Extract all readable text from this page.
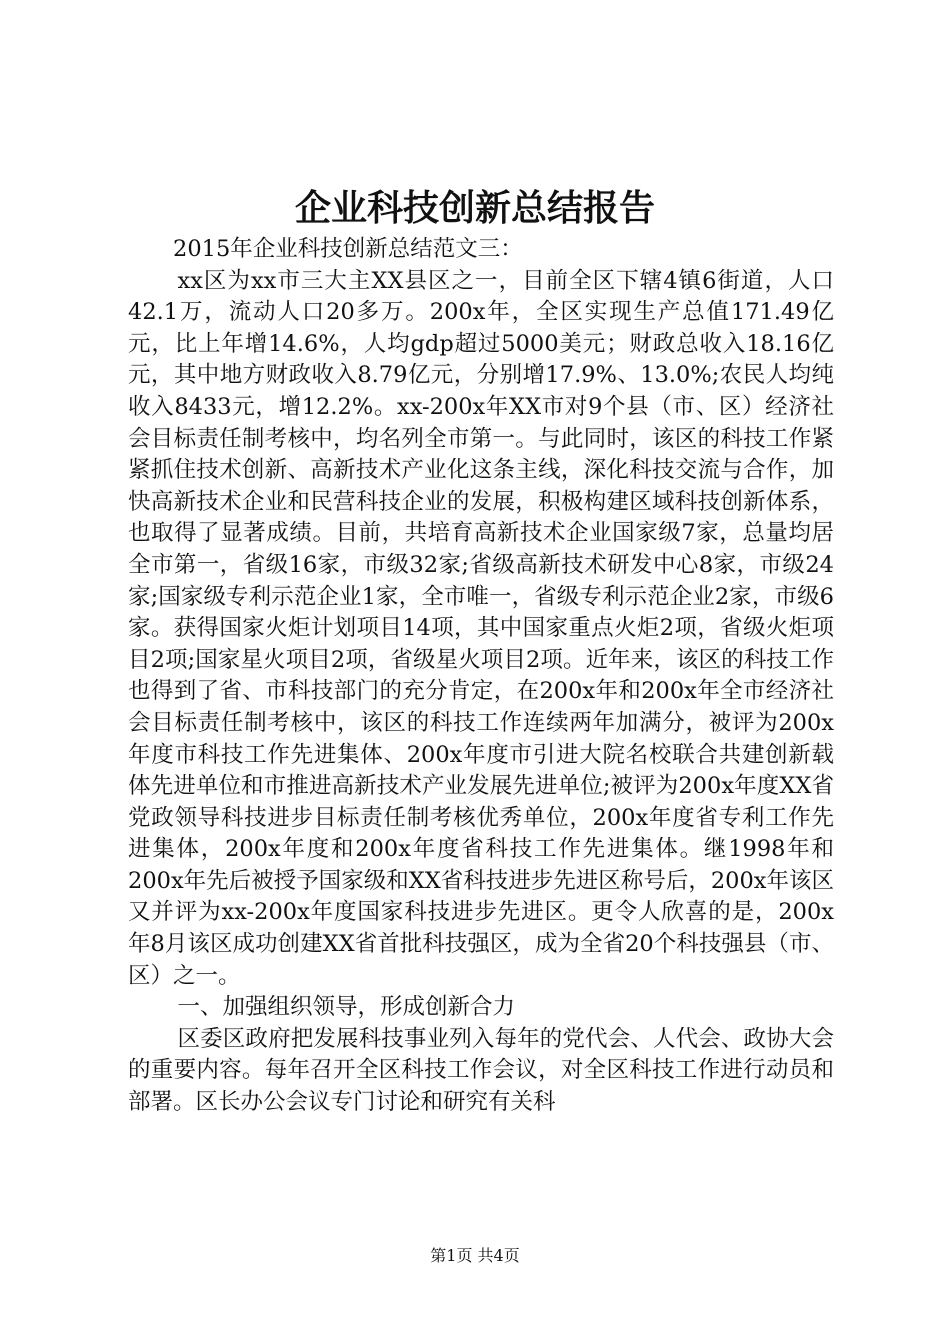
企业科技创新总结报告

2015年企业科技创新总结范文三：

xx区为xx市三大主XX县区之一，目前全区下辖4镇6街道，人口42.1万，流动人口20多万。200x年，全区实现生产总值171.49亿元，比上年增14.6%，人均gdp超过5000美元；财政总收入18.16亿元，其中地方财政收入8.79亿元，分别增17.9%、13.0%;农民人均纯收入8433元，增12.2%。xx-200x年XX市对9个县（市、区）经济社会目标责任制考核中，均名列全市第一。与此同时，该区的科技工作紧紧抓住技术创新、高新技术产业化这条主线，深化科技交流与合作，加快高新技术企业和民营科技企业的发展，积极构建区域科技创新体系，也取得了显著成绩。目前，共培育高新技术企业国家级7家，总量均居全市第一，省级16家，市级32家;省级高新技术研发中心8家，市级24家;国家级专利示范企业1家，全市唯一，省级专利示范企业2家，市级6家。获得国家火炬计划项目14项，其中国家重点火炬2项，省级火炬项目2项;国家星火项目2项，省级星火项目2项。近年来，该区的科技工作也得到了省、市科技部门的充分肯定，在200x年和200x年全市经济社会目标责任制考核中，该区的科技工作连续两年加满分，被评为200x年度市科技工作先进集体、200x年度市引进大院名校联合共建创新载体先进单位和市推进高新技术产业发展先进单位;被评为200x年度XX省党政领导科技进步目标责任制考核优秀单位，200x年度省专利工作先进集体，200x年度和200x年度省科技工作先进集体。继1998年和200x年先后被授予国家级和XX省科技进步先进区称号后，200x年该区又并评为xx-200x年度国家科技进步先进区。更令人欣喜的是，200x年8月该区成功创建XX省首批科技强区，成为全省20个科技强县（市、区）之一。

一、加强组织领导，形成创新合力

区委区政府把发展科技事业列入每年的党代会、人代会、政协大会的重要内容。每年召开全区科技工作会议，对全区科技工作进行动员和部署。区长办公会议专门讨论和研究有关科

第1页 共4页
